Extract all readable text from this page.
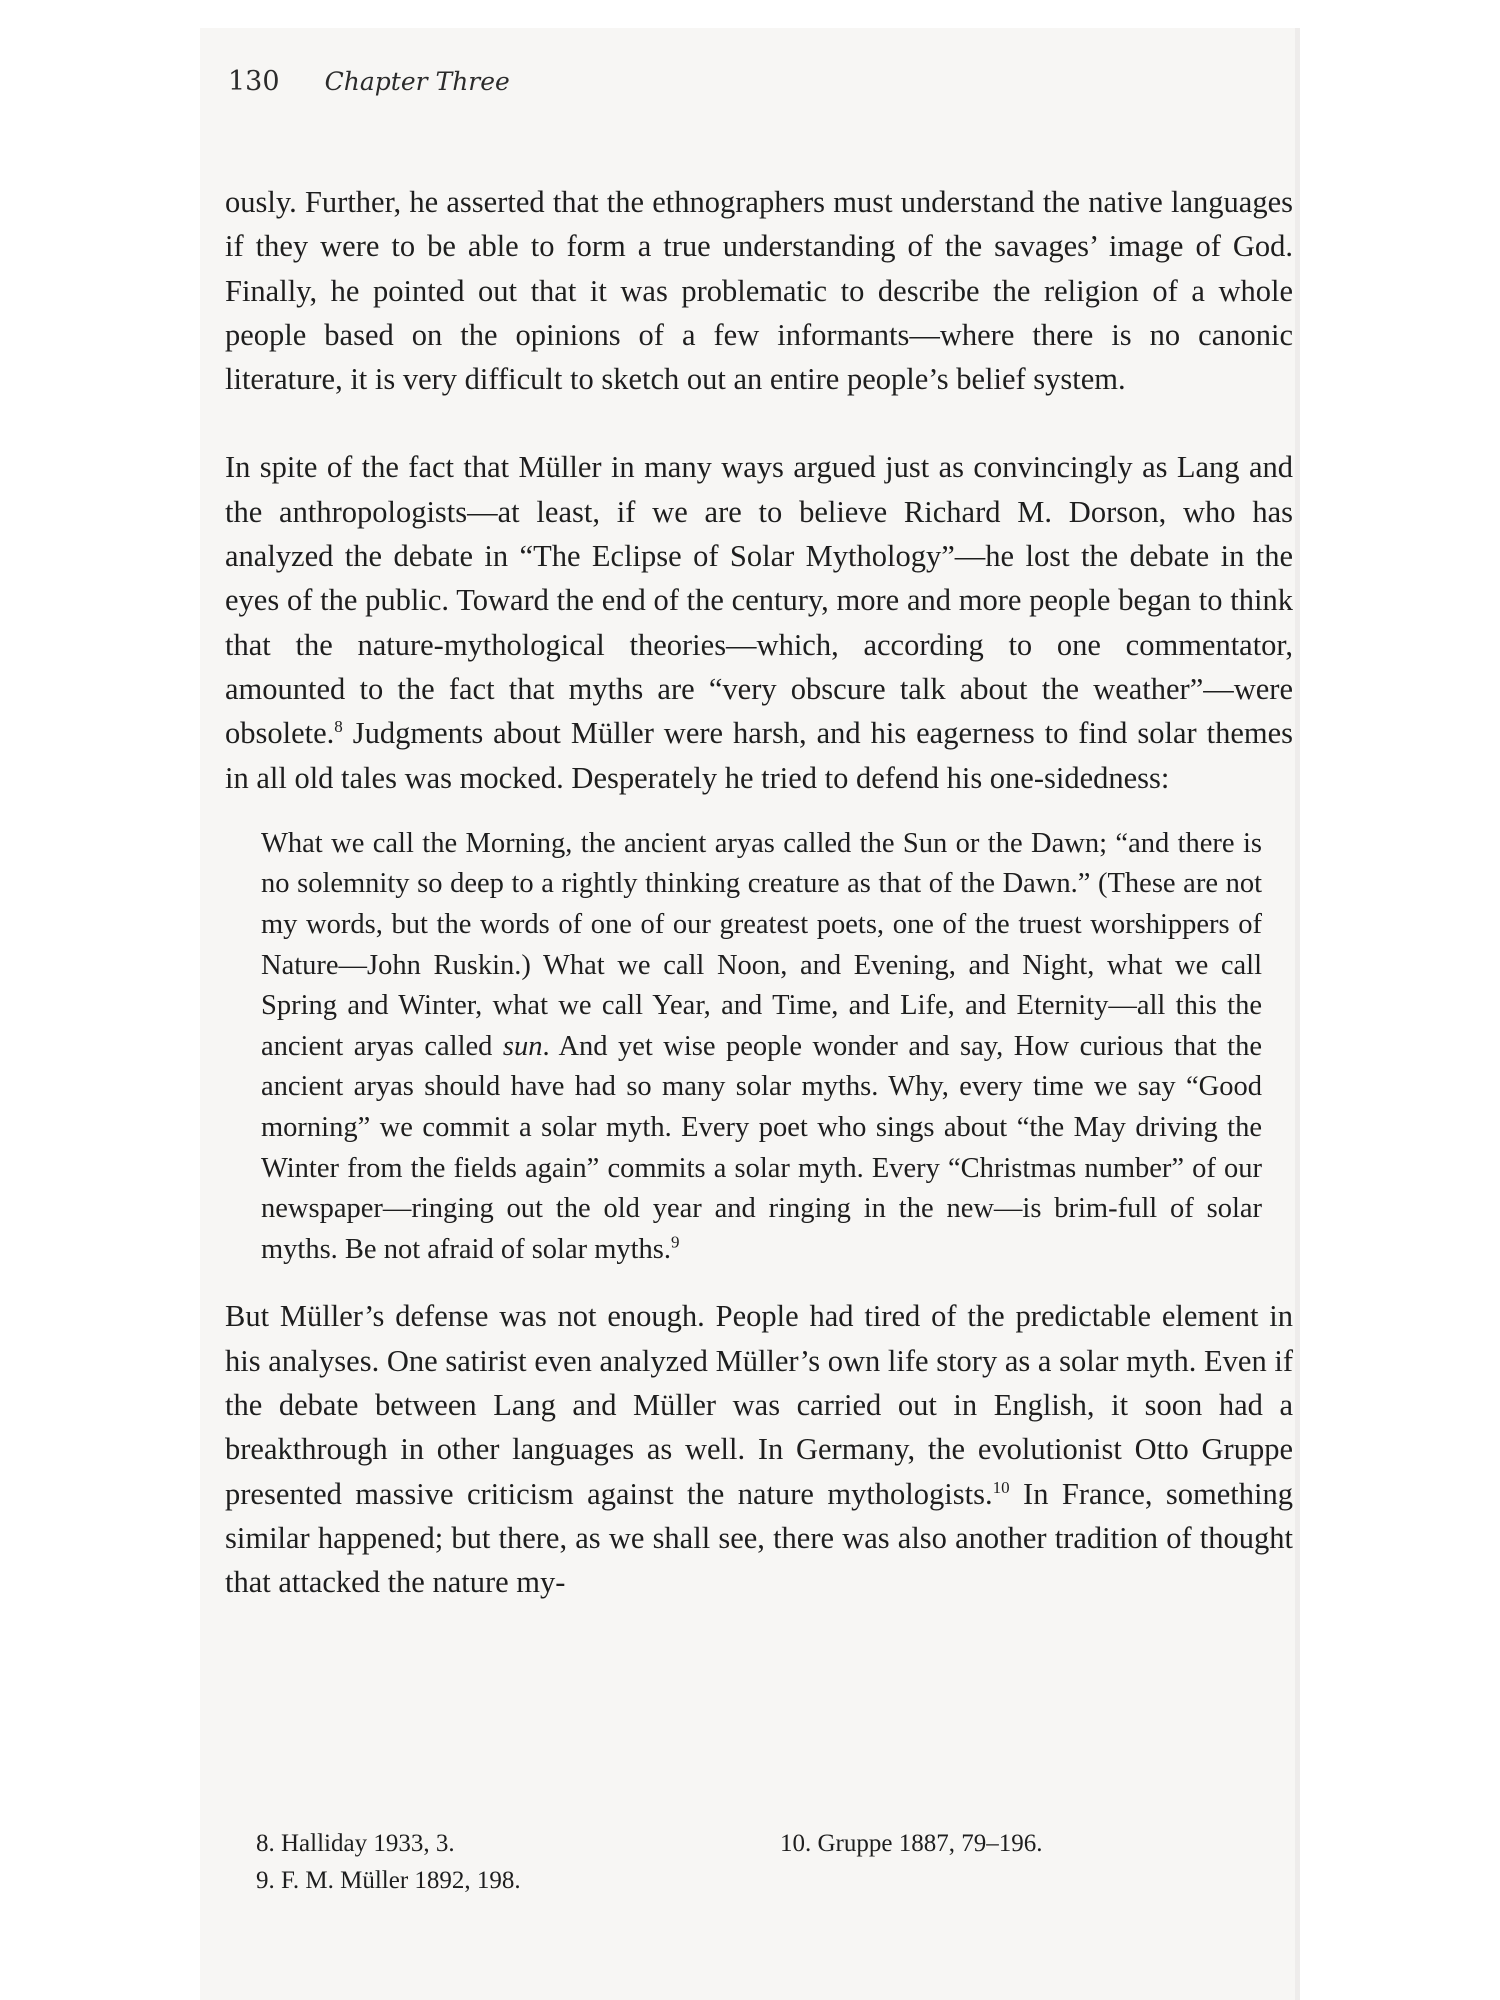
130 Chapter Three

ously. Further, he asserted that the ethnographers must understand the native languages if they were to be able to form a true understanding of the savages’ image of God. Finally, he pointed out that it was problematic to describe the religion of a whole people based on the opinions of a few informants—where there is no canonic literature, it is very difficult to sketch out an entire people’s belief system.

In spite of the fact that Müller in many ways argued just as convincingly as Lang and the anthropologists—at least, if we are to believe Richard M. Dorson, who has analyzed the debate in “The Eclipse of Solar Mythology”—he lost the debate in the eyes of the public. Toward the end of the century, more and more people began to think that the nature-mythological theories—which, according to one commentator, amounted to the fact that myths are “very obscure talk about the weather”—were obsolete.$^8$ Judgments about Müller were harsh, and his eagerness to find solar themes in all old tales was mocked. Desperately he tried to defend his one-sidedness:

What we call the Morning, the ancient aryas called the Sun or the Dawn; “and there is no solemnity so deep to a rightly thinking creature as that of the Dawn.” (These are not my words, but the words of one of our greatest poets, one of the truest worshippers of Nature—John Ruskin.) What we call Noon, and Evening, and Night, what we call Spring and Winter, what we call Year, and Time, and Life, and Eternity—all this the ancient aryas called sun. And yet wise people wonder and say, How curious that the ancient aryas should have had so many solar myths. Why, every time we say “Good morning” we commit a solar myth. Every poet who sings about “the May driving the Winter from the fields again” commits a solar myth. Every “Christmas number” of our newspaper—ringing out the old year and ringing in the new—is brim-full of solar myths. Be not afraid of solar myths.$^9$

But Müller’s defense was not enough. People had tired of the predictable element in his analyses. One satirist even analyzed Müller’s own life story as a solar myth. Even if the debate between Lang and Müller was carried out in English, it soon had a breakthrough in other languages as well. In Germany, the evolutionist Otto Gruppe presented massive criticism against the nature mythologists.$^{10}$ In France, something similar happened; but there, as we shall see, there was also another tradition of thought that attacked the nature my-

8. Halliday 1933, 3.
9. F. M. Müller 1892, 198.
10. Gruppe 1887, 79–196.
